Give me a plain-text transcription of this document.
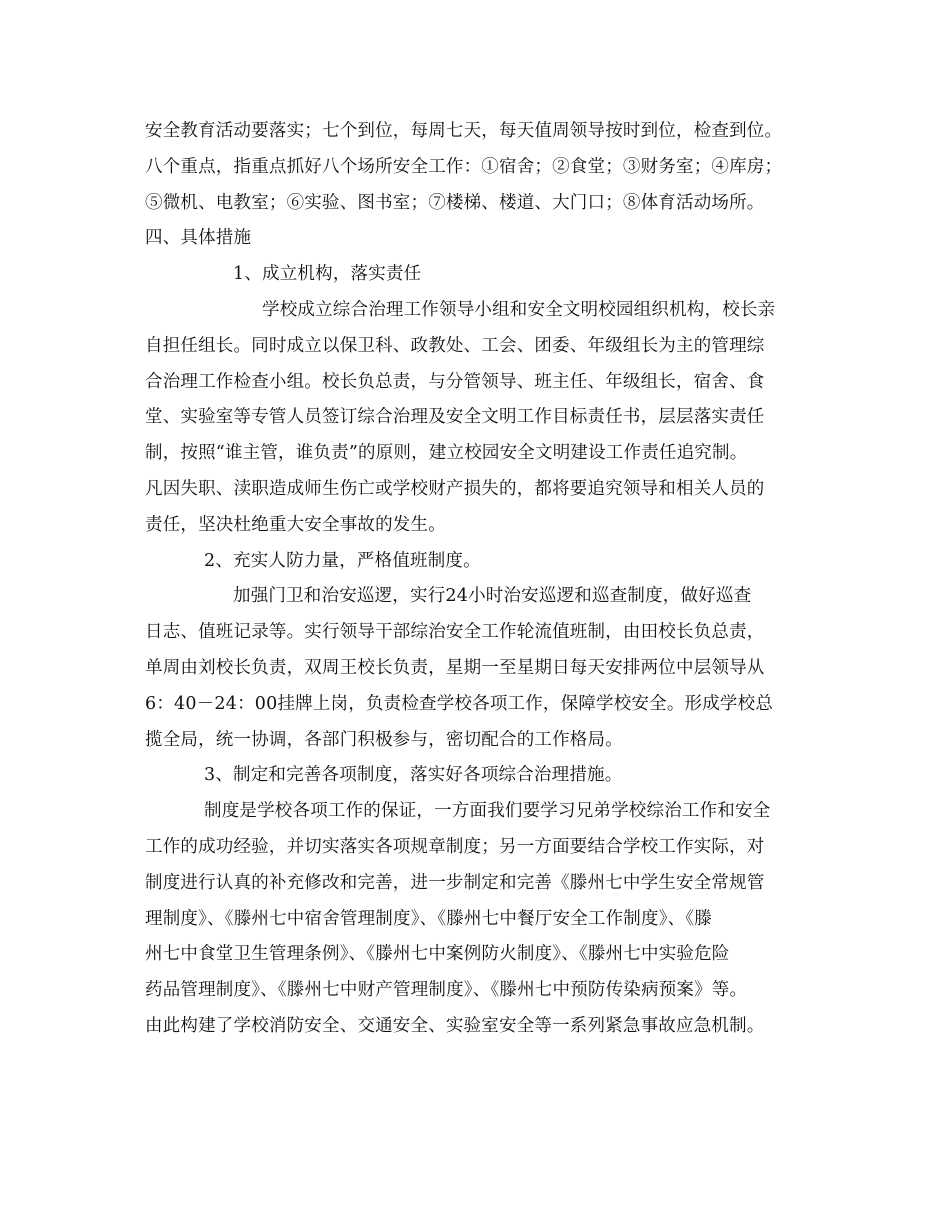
安全教育活动要落实；七个到位，每周七天，每天值周领导按时到位，检查到位。
八个重点，指重点抓好八个场所安全工作：①宿舍；②食堂；③财务室；④库房；
⑤微机、电教室；⑥实验、图书室；⑦楼梯、楼道、大门口；⑧体育活动场所。
四、具体措施
1、成立机构，落实责任
学校成立综合治理工作领导小组和安全文明校园组织机构，校长亲
自担任组长。同时成立以保卫科、政教处、工会、团委、年级组长为主的管理综
合治理工作检查小组。校长负总责，与分管领导、班主任、年级组长，宿舍、食
堂、实验室等专管人员签订综合治理及安全文明工作目标责任书，层层落实责任
制，按照“谁主管，谁负责”的原则，建立校园安全文明建设工作责任追究制。
凡因失职、渎职造成师生伤亡或学校财产损失的，都将要追究领导和相关人员的
责任，坚决杜绝重大安全事故的发生。
2、充实人防力量，严格值班制度。
加强门卫和治安巡逻，实行24小时治安巡逻和巡查制度，做好巡查
日志、值班记录等。实行领导干部综治安全工作轮流值班制，由田校长负总责，
单周由刘校长负责，双周王校长负责，星期一至星期日每天安排两位中层领导从
6：40－24：00挂牌上岗，负责检查学校各项工作，保障学校安全。形成学校总
揽全局，统一协调，各部门积极参与，密切配合的工作格局。
3、制定和完善各项制度，落实好各项综合治理措施。
制度是学校各项工作的保证，一方面我们要学习兄弟学校综治工作和安全
工作的成功经验，并切实落实各项规章制度；另一方面要结合学校工作实际，对
制度进行认真的补充修改和完善，进一步制定和完善《滕州七中学生安全常规管
理制度》、《滕州七中宿舍管理制度》、《滕州七中餐厅安全工作制度》、《滕
州七中食堂卫生管理条例》、《滕州七中案例防火制度》、《滕州七中实验危险
药品管理制度》、《滕州七中财产管理制度》、《滕州七中预防传染病预案》等。
由此构建了学校消防安全、交通安全、实验室安全等一系列紧急事故应急机制。
